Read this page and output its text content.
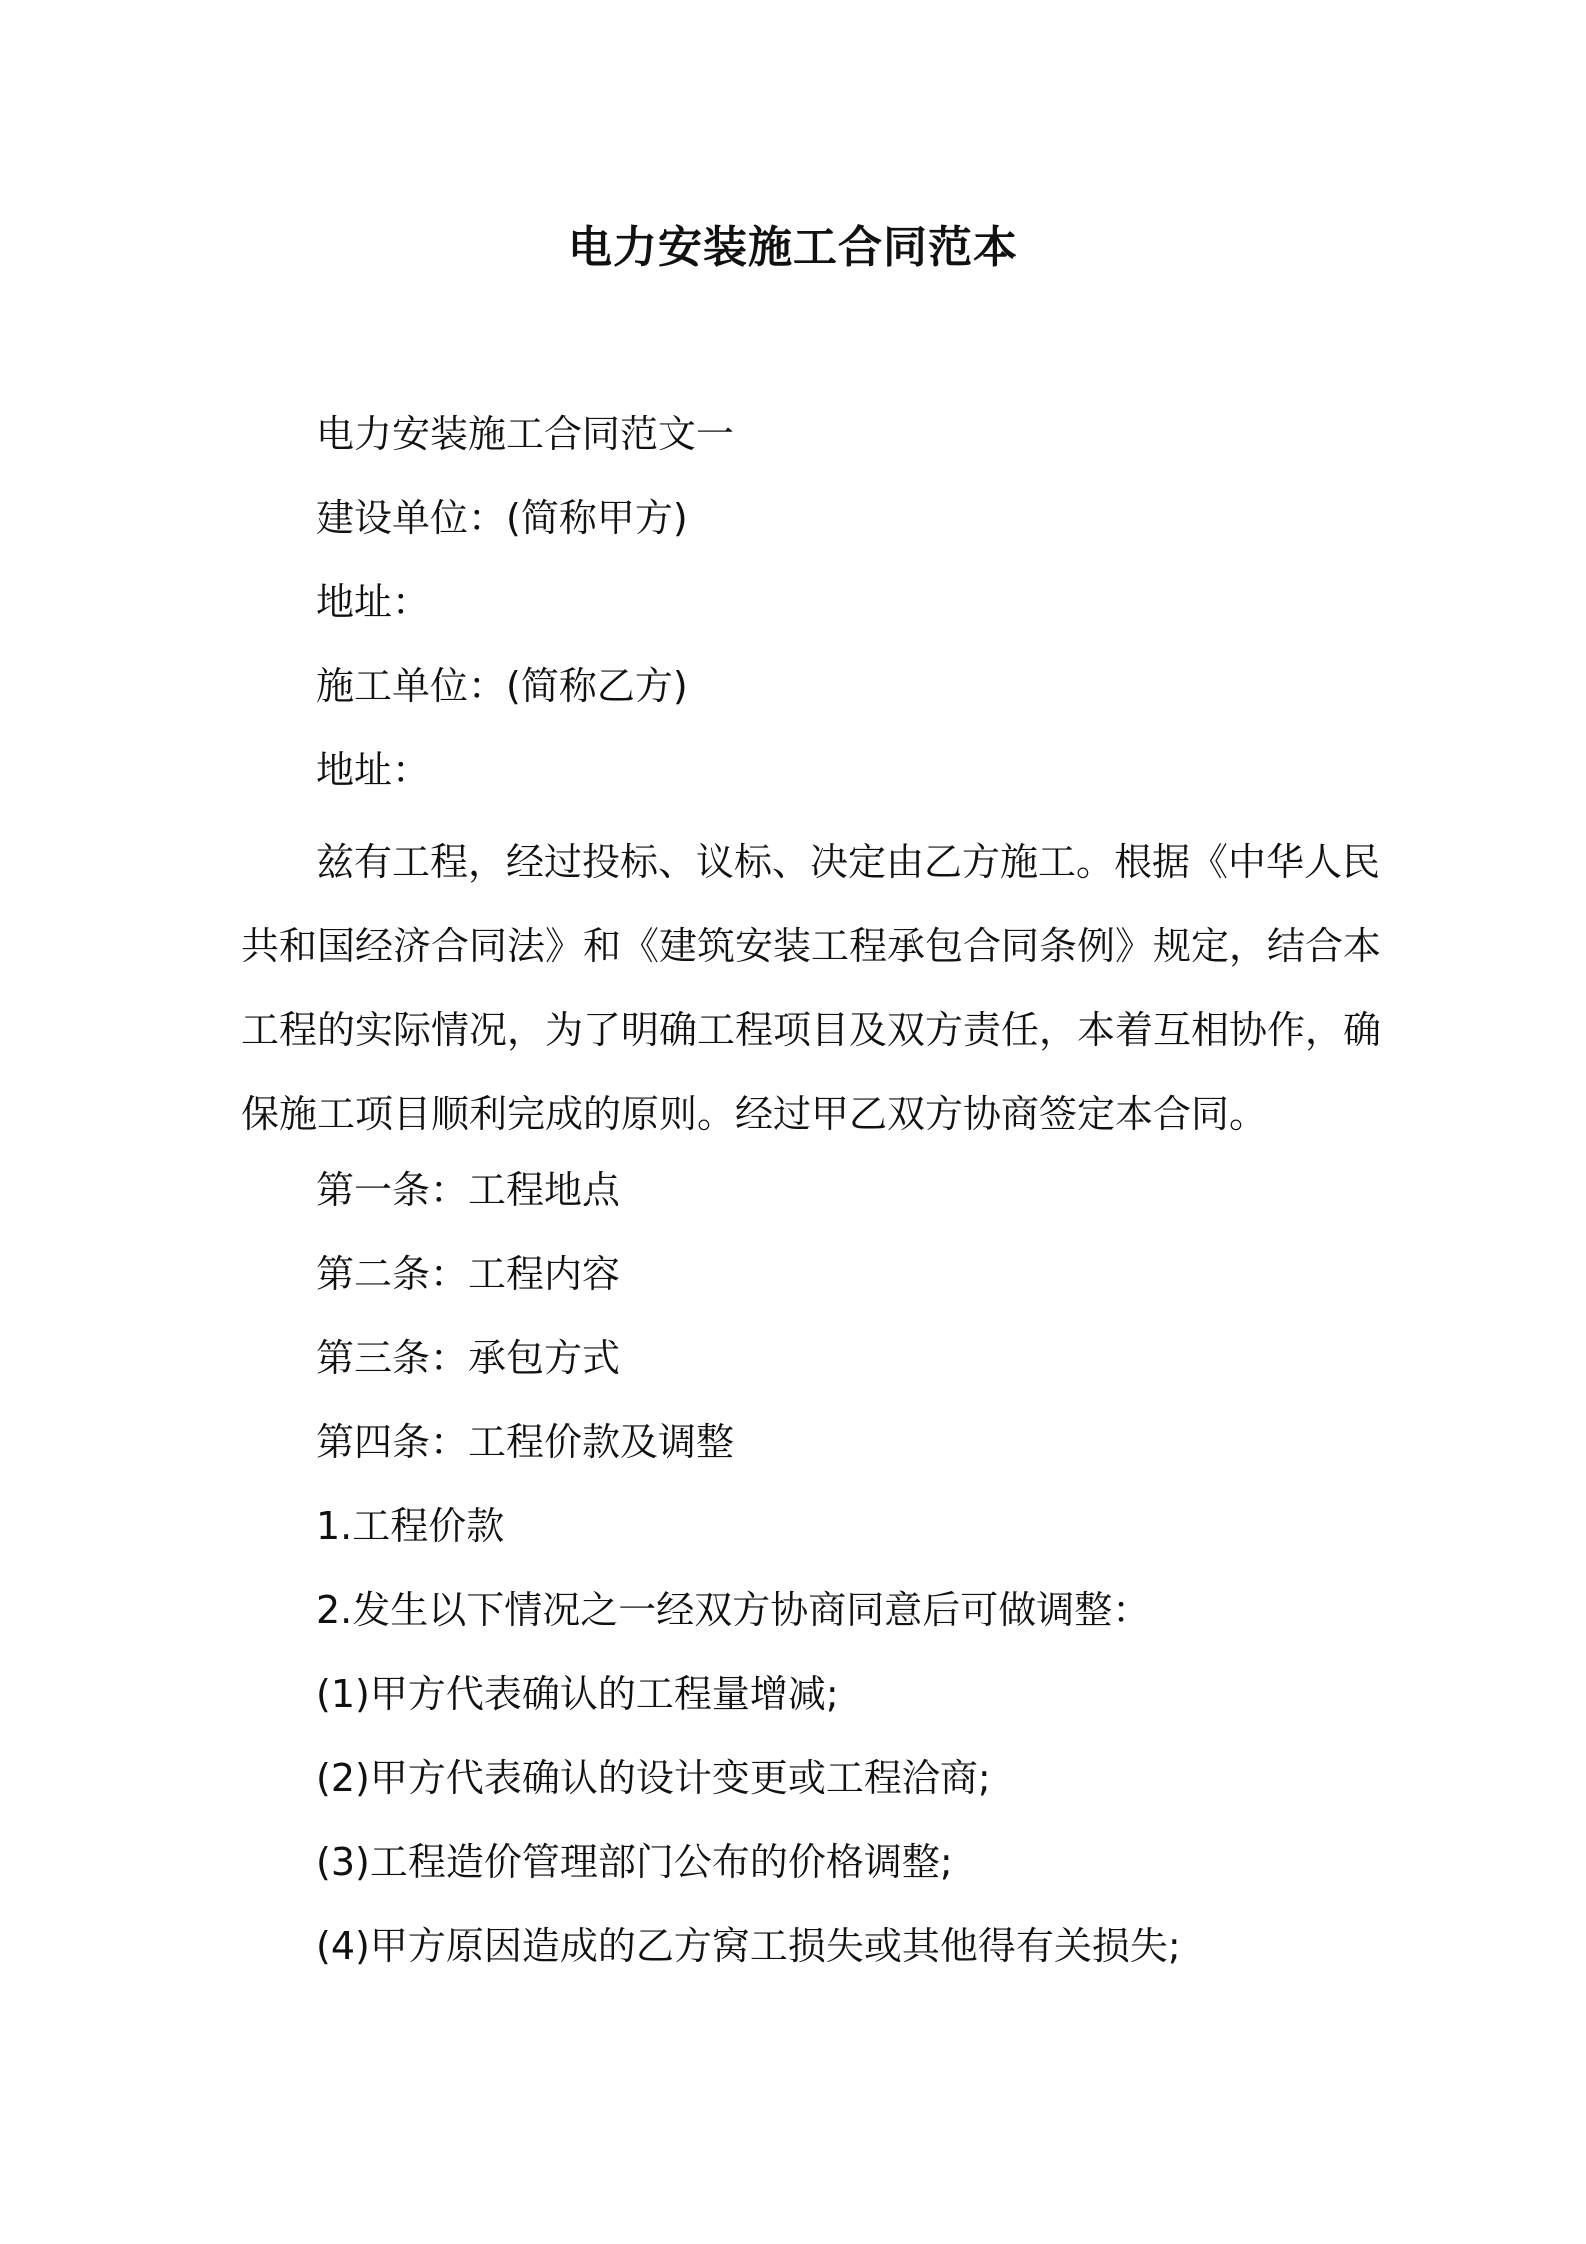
电力安装施工合同范本
电力安装施工合同范文一
建设单位：(简称甲方)
地址：
施工单位：(简称乙方)
地址：
兹有工程，经过投标、议标、决定由乙方施工。根据《中华人民
共和国经济合同法》和《建筑安装工程承包合同条例》规定，结合本
工程的实际情况，为了明确工程项目及双方责任，本着互相协作，确
保施工项目顺利完成的原则。经过甲乙双方协商签定本合同。
第一条：工程地点
第二条：工程内容
第三条：承包方式
第四条：工程价款及调整
1.工程价款
2.发生以下情况之一经双方协商同意后可做调整：
(1)甲方代表确认的工程量增减;
(2)甲方代表确认的设计变更或工程洽商;
(3)工程造价管理部门公布的价格调整;
(4)甲方原因造成的乙方窝工损失或其他得有关损失;
